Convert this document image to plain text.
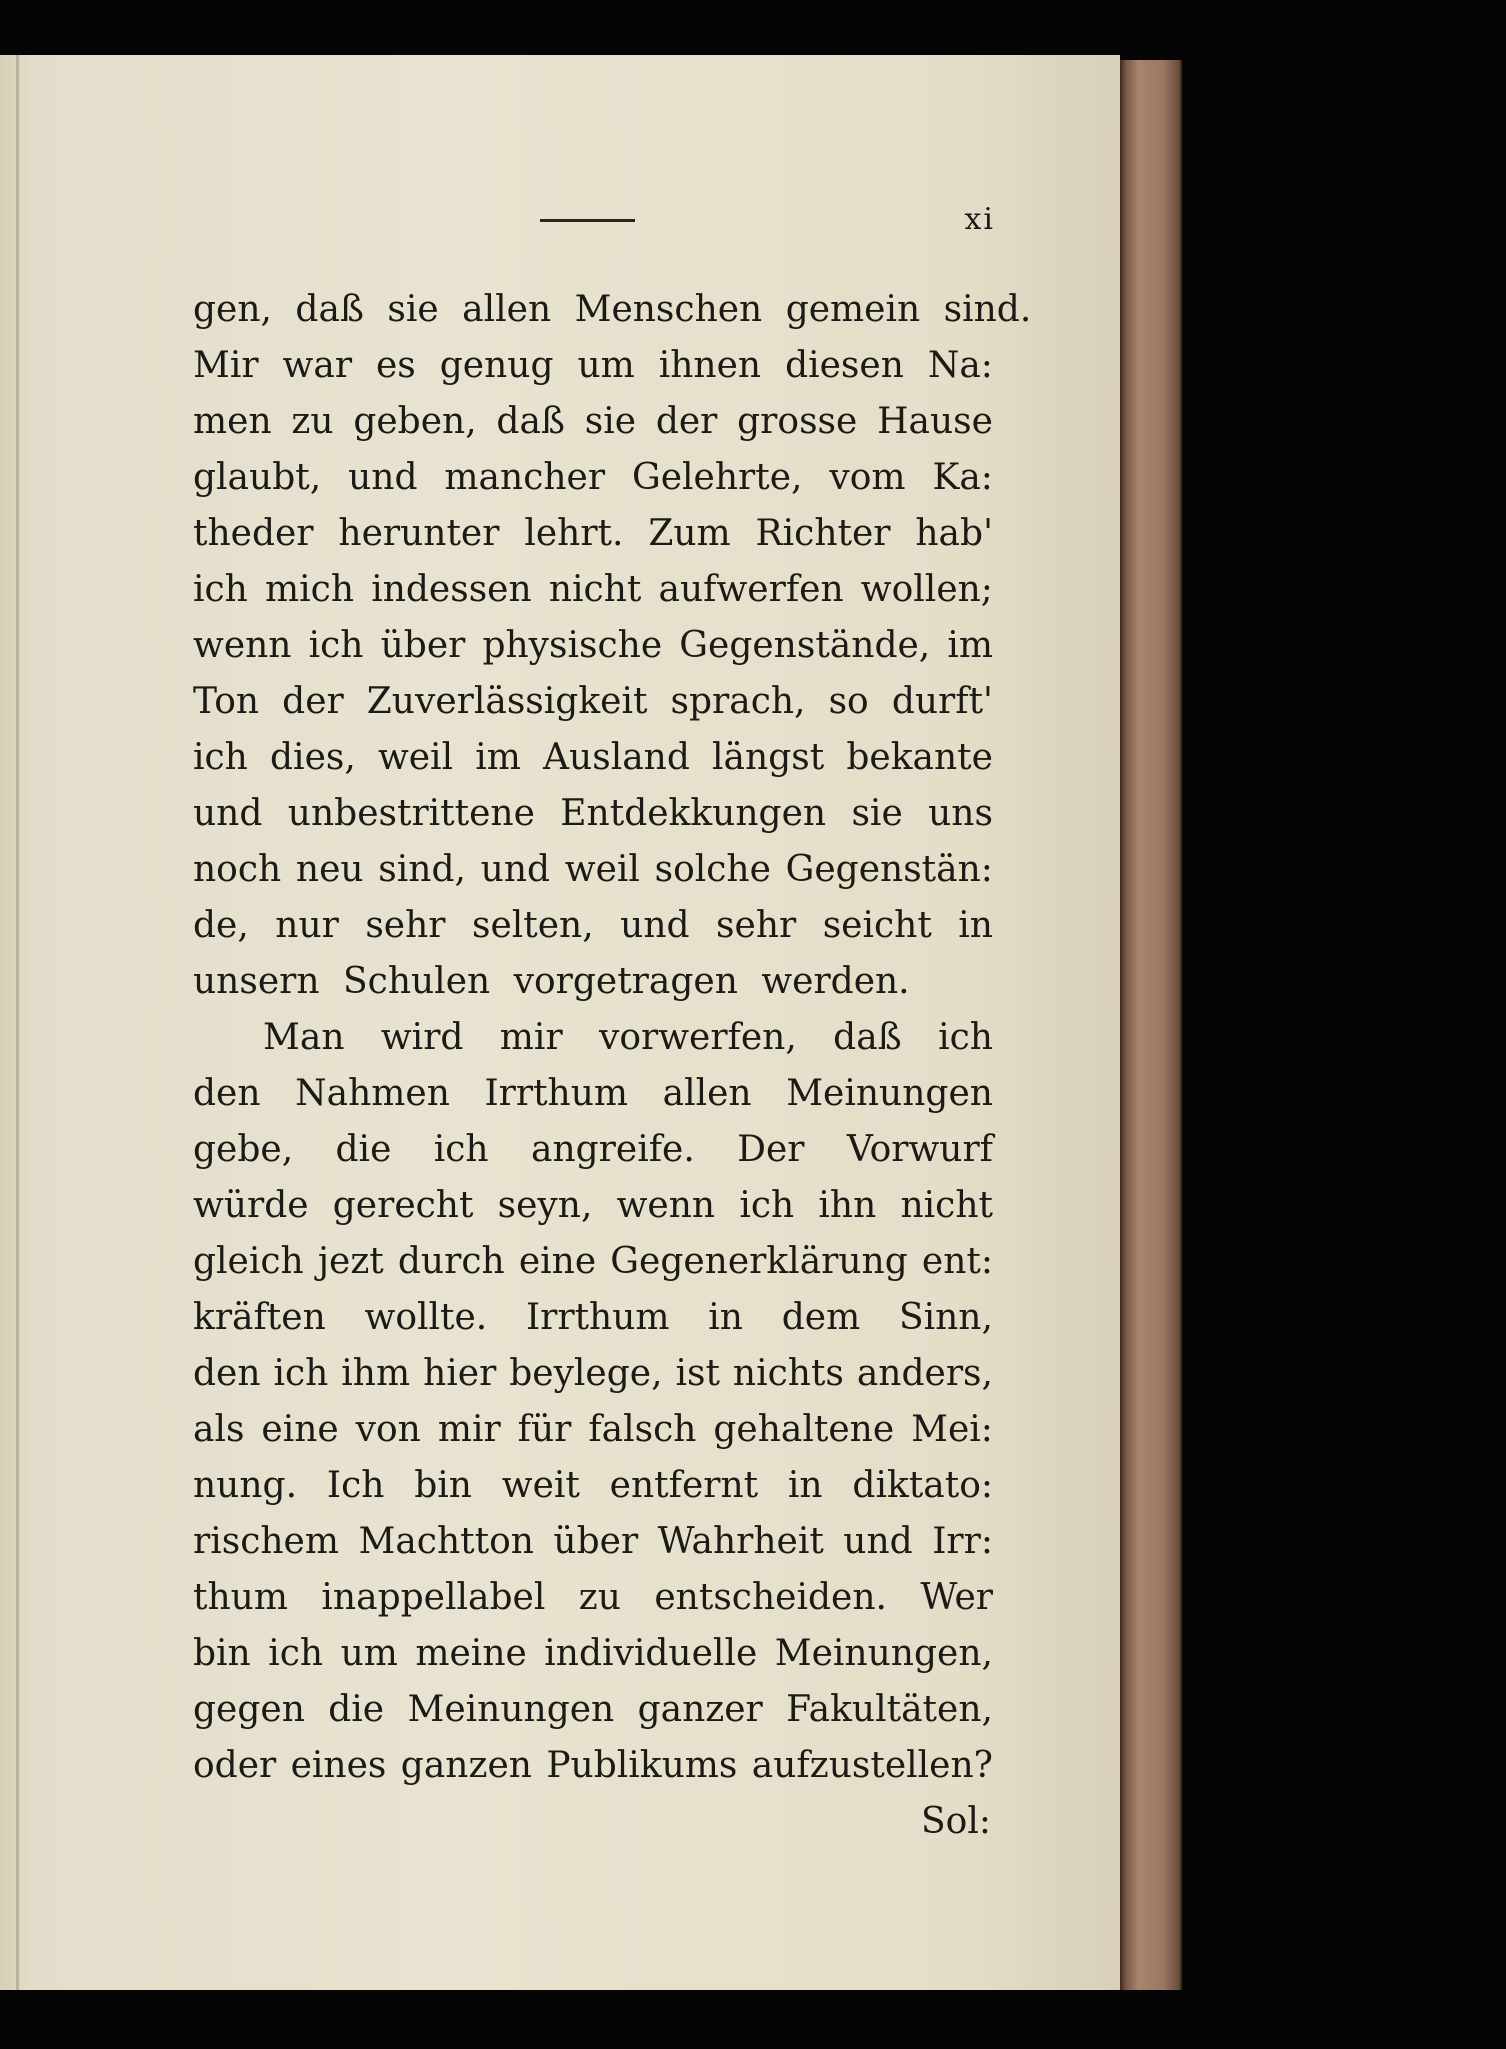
xi
gen, daß sie allen Menschen gemein sind.
Mir war es genug um ihnen diesen Na:
men zu geben, daß sie der grosse Hause
glaubt, und mancher Gelehrte, vom Ka:
theder herunter lehrt. Zum Richter hab'
ich mich indessen nicht aufwerfen wollen;
wenn ich über physische Gegenstände, im
Ton der Zuverlässigkeit sprach, so durft'
ich dies, weil im Ausland längst bekante
und unbestrittene Entdekkungen sie uns
noch neu sind, und weil solche Gegenstän:
de, nur sehr selten, und sehr seicht in
unsern Schulen vorgetragen werden.
Man wird mir vorwerfen, daß ich
den Nahmen Irrthum allen Meinungen
gebe, die ich angreife. Der Vorwurf
würde gerecht seyn, wenn ich ihn nicht
gleich jezt durch eine Gegenerklärung ent:
kräften wollte. Irrthum in dem Sinn,
den ich ihm hier beylege, ist nichts anders,
als eine von mir für falsch gehaltene Mei:
nung. Ich bin weit entfernt in diktato:
rischem Machtton über Wahrheit und Irr:
thum inappellabel zu entscheiden. Wer
bin ich um meine individuelle Meinungen,
gegen die Meinungen ganzer Fakultäten,
oder eines ganzen Publikums aufzustellen?
Sol:
